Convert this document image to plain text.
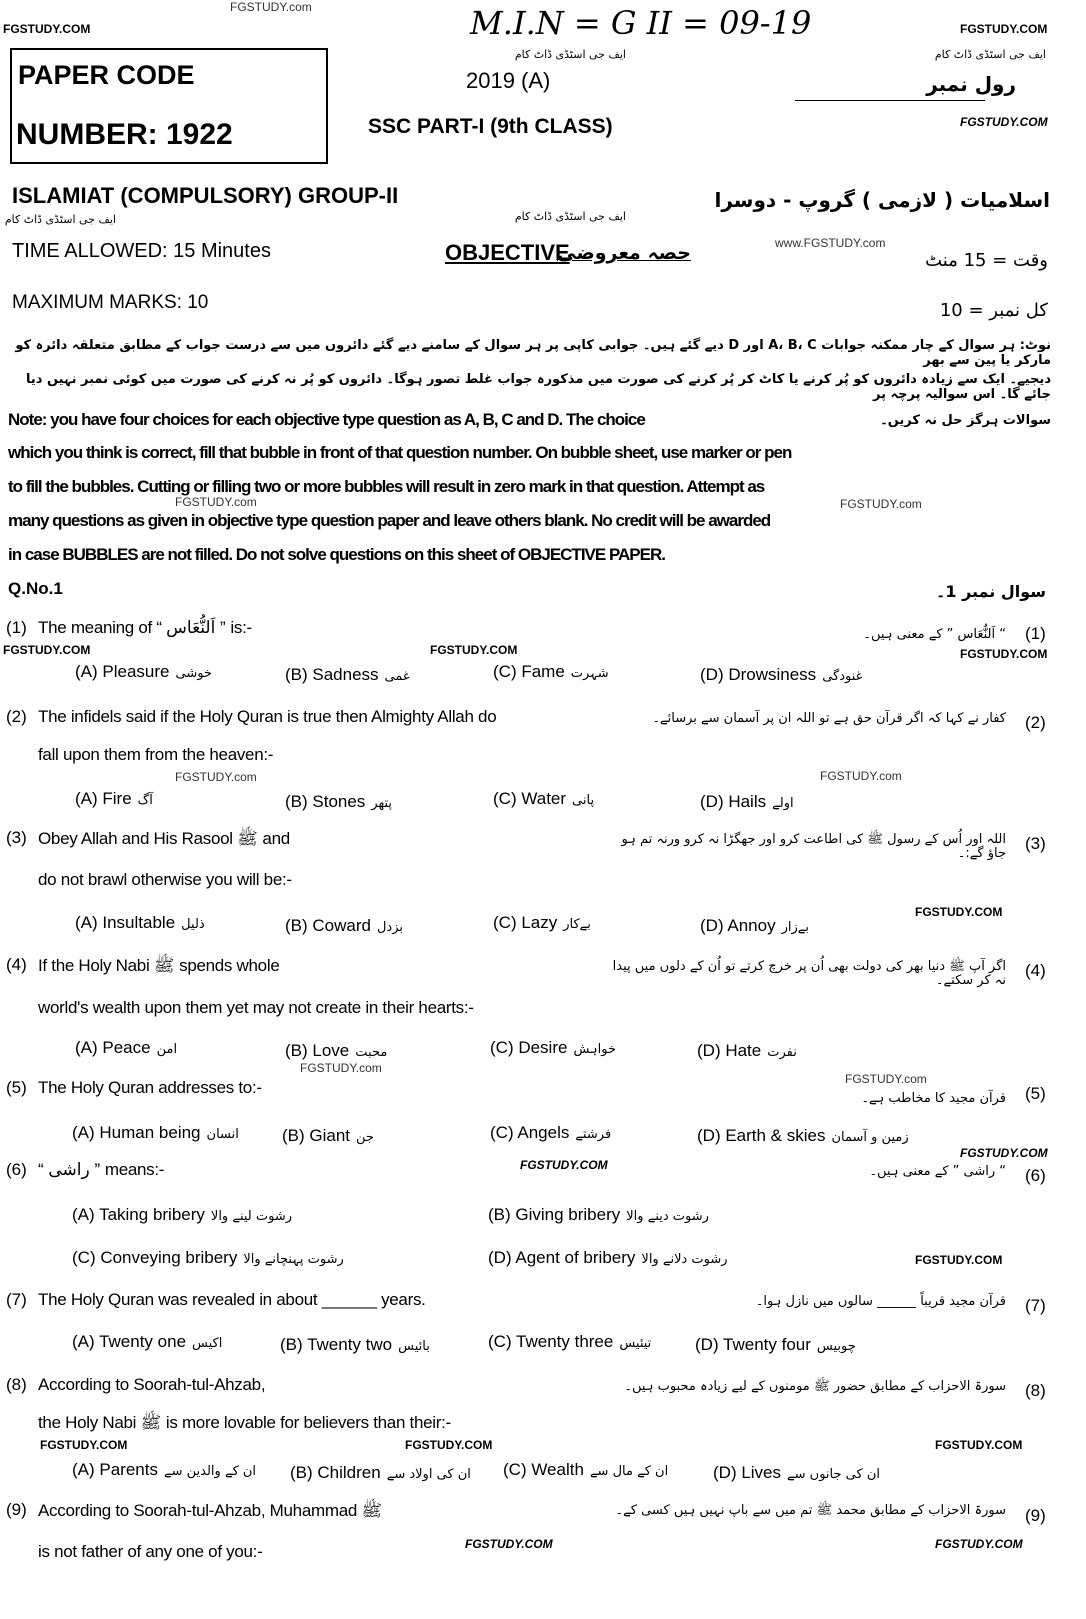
FGSTUDY.com
FGSTUDY.COM	FGSTUDY.COM
FGSTUDY.COM
M.I.N = G II = 09-19
ایف جی اسٹڈی ڈاٹ کام	ایف جی اسٹڈی ڈاٹ کام
PAPER CODE
NUMBER: 1922
2019 (A)
SSC PART-I (9th CLASS)
رول نمبر
ISLAMIAT (COMPULSORY) GROUP-II	اسلامیات ( لازمی ) گروپ - دوسرا
ایف جی اسٹڈی ڈاٹ کام	ایف جی اسٹڈی ڈاٹ کام
TIME ALLOWED: 15 Minutes	OBJECTIVE
حصہ معروضی	www.FGSTUDY.com
وقت = 15 منٹ
MAXIMUM MARKS: 10	کل نمبر = 10
نوٹ: ہر سوال کے چار ممکنہ جوابات A، B، C اور D دیے گئے ہیں۔ جوابی کاپی پر ہر سوال کے سامنے دیے گئے دائروں میں سے درست جواب کے مطابق متعلقہ دائرہ کو مارکر یا پین سے بھر
دیجیے۔ ایک سے زیادہ دائروں کو پُر کرنے یا کاٹ کر پُر کرنے کی صورت میں مذکورہ جواب غلط تصور ہوگا۔ دائروں کو پُر نہ کرنے کی صورت میں کوئی نمبر نہیں دیا جائے گا۔ اس سوالیہ پرچہ پر
سوالات ہرگز حل نہ کریں۔
Note: you have four choices for each objective type question as A, B, C and D. The choice
which you think is correct, fill that bubble in front of that question number. On bubble sheet, use marker or pen
to fill the bubbles. Cutting or filling two or more bubbles will result in zero mark in that question. Attempt as
many questions as given in objective type question paper and leave others blank. No credit will be awarded
in case BUBBLES are not filled. Do not solve questions on this sheet of OBJECTIVE PAPER.
FGSTUDY.com	FGSTUDY.com
Q.No.1	سوال نمبر 1۔
(1)	(1)
The meaning of “ اَلنُّعَاس ” is:-	“ اَلنُّعَاس ” کے معنی ہیں۔
(A) Pleasure خوشی	(B) Sadness غمی	(C) Fame شہرت	(D) Drowsiness غنودگی
(2)	(2)
The infidels said if the Holy Quran is true then Almighty Allah do
fall upon them from the heaven:-
کفار نے کہا کہ اگر قرآن حق ہے تو اللہ ان پر آسمان سے برسائے۔
(A) Fire آگ	(B) Stones پتھر	(C) Water پانی	(D) Hails اولے
(3)	(3)
Obey Allah and His Rasool ﷺ and
do not brawl otherwise you will be:-
اللہ اور اُس کے رسول ﷺ کی اطاعت کرو اور جھگڑا نہ کرو ورنہ تم ہو جاؤ گے:۔
(A) Insultable ذلیل	(B) Coward بزدل	(C) Lazy بےکار	(D) Annoy بےزار
(4)	(4)
If the Holy Nabi ﷺ spends whole
world's wealth upon them yet may not create in their hearts:-
اگر آپ ﷺ دنیا بھر کی دولت بھی اُن پر خرچ کرتے تو اُن کے دلوں میں پیدا نہ کر سکتے۔
(A) Peace امن	(B) Love محبت	(C) Desire خواہش	(D) Hate نفرت
(5)	(5)
The Holy Quran addresses to:-
قرآن مجید کا مخاطب ہے۔
(A) Human being انسان	(B) Giant جن	(C) Angels فرشتے	(D) Earth & skies زمین و آسمان
(6)	(6)
“ راشی ” means:-	“ راشی ” کے معنی ہیں۔
(A) Taking bribery رشوت لینے والا	(B) Giving bribery رشوت دینے والا
(C) Conveying bribery رشوت پہنچانے والا	(D) Agent of bribery رشوت دلانے والا
(7)	(7)
The Holy Quran was revealed in about ______ years.	قرآن مجید قریباً ______ سالوں میں نازل ہوا۔
(A) Twenty one اکیس	(B) Twenty two بائیس	(C) Twenty three تیئیس	(D) Twenty four چوبیس
(8)	(8)
According to Soorah-tul-Ahzab,
the Holy Nabi ﷺ is more lovable for believers than their:-
سورۃ الاحزاب کے مطابق حضور ﷺ مومنوں کے لیے زیادہ محبوب ہیں۔
(A) Parents ان کے والدین سے (B) Children ان کی اولاد سے (C) Wealth ان کے مال سے	(D) Lives ان کی جانوں سے
(9)	(9)
According to Soorah-tul-Ahzab, Muhammad ﷺ
is not father of any one of you:-
سورۃ الاحزاب کے مطابق محمد ﷺ تم میں سے باپ نہیں ہیں کسی کے۔
FGSTUDY.COM	FGSTUDY.COM	FGSTUDY.COM
FGSTUDY.com	FGSTUDY.com
FGSTUDY.COM
FGSTUDY.com
FGSTUDY.com
FGSTUDY.COM
FGSTUDY.COM
FGSTUDY.COM
FGSTUDY.COM	FGSTUDY.COM	FGSTUDY.COM
FGSTUDY.COM	FGSTUDY.COM
